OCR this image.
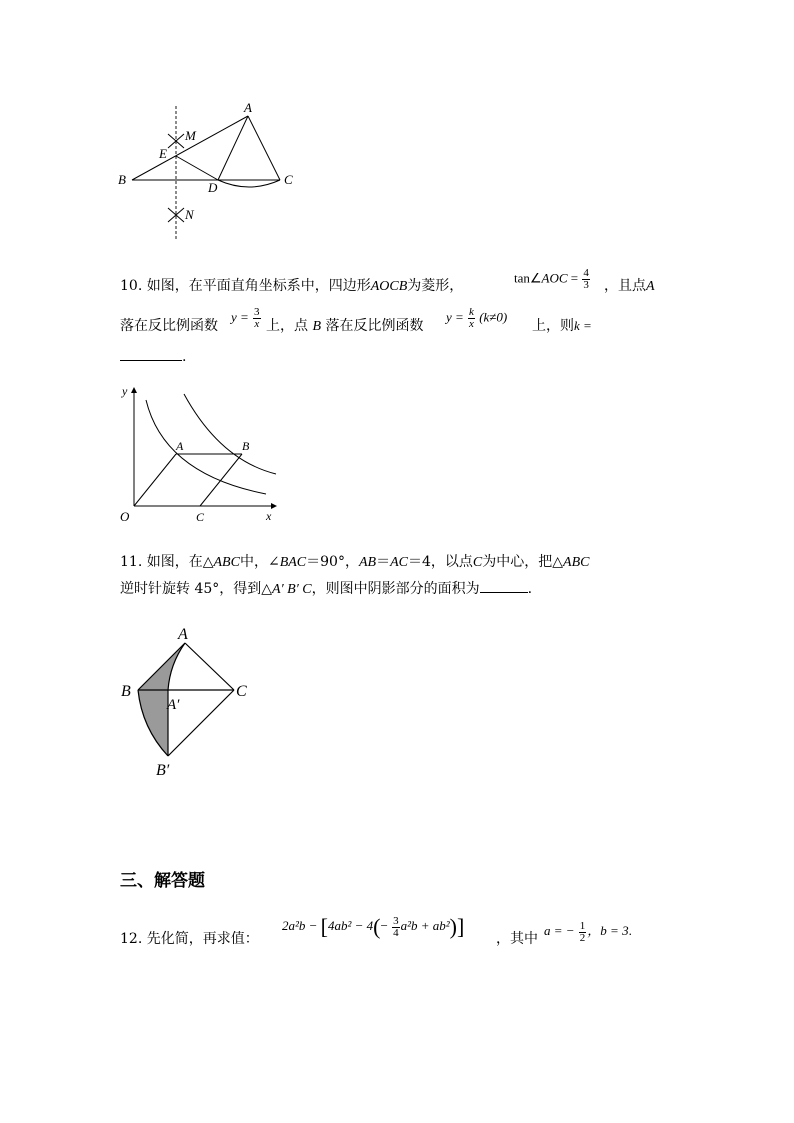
A
B	C
D
E
M
N
10. 如图，在平面直角坐标系中，四边形AOCB为菱形，
tan∠AOC = $\frac{4}{3}$ ，且点A
落在反比例函数
$y = \frac{3}{x}$ 上，点 B 落在反比例函数
$y = \frac{k}{x} (k\ne 0)$
上，则k =
.
y
x
O
A	B
C
11. 如图，在△ABC中，∠BAC＝90°，AB＝AC＝4，以点C为中心，把△ABC
逆时针旋转 45°，得到△A′ B′ C，则图中阴影部分的面积为	.
A
B	C
A′
B′
三、解答题
12. 先化简，再求值：
$2a^2b - [4ab^2 - 4(- \frac{3}{4} a^2b + ab^2)]$ ，其中
a = − $\frac{1}{2}$ ，b = 3.
